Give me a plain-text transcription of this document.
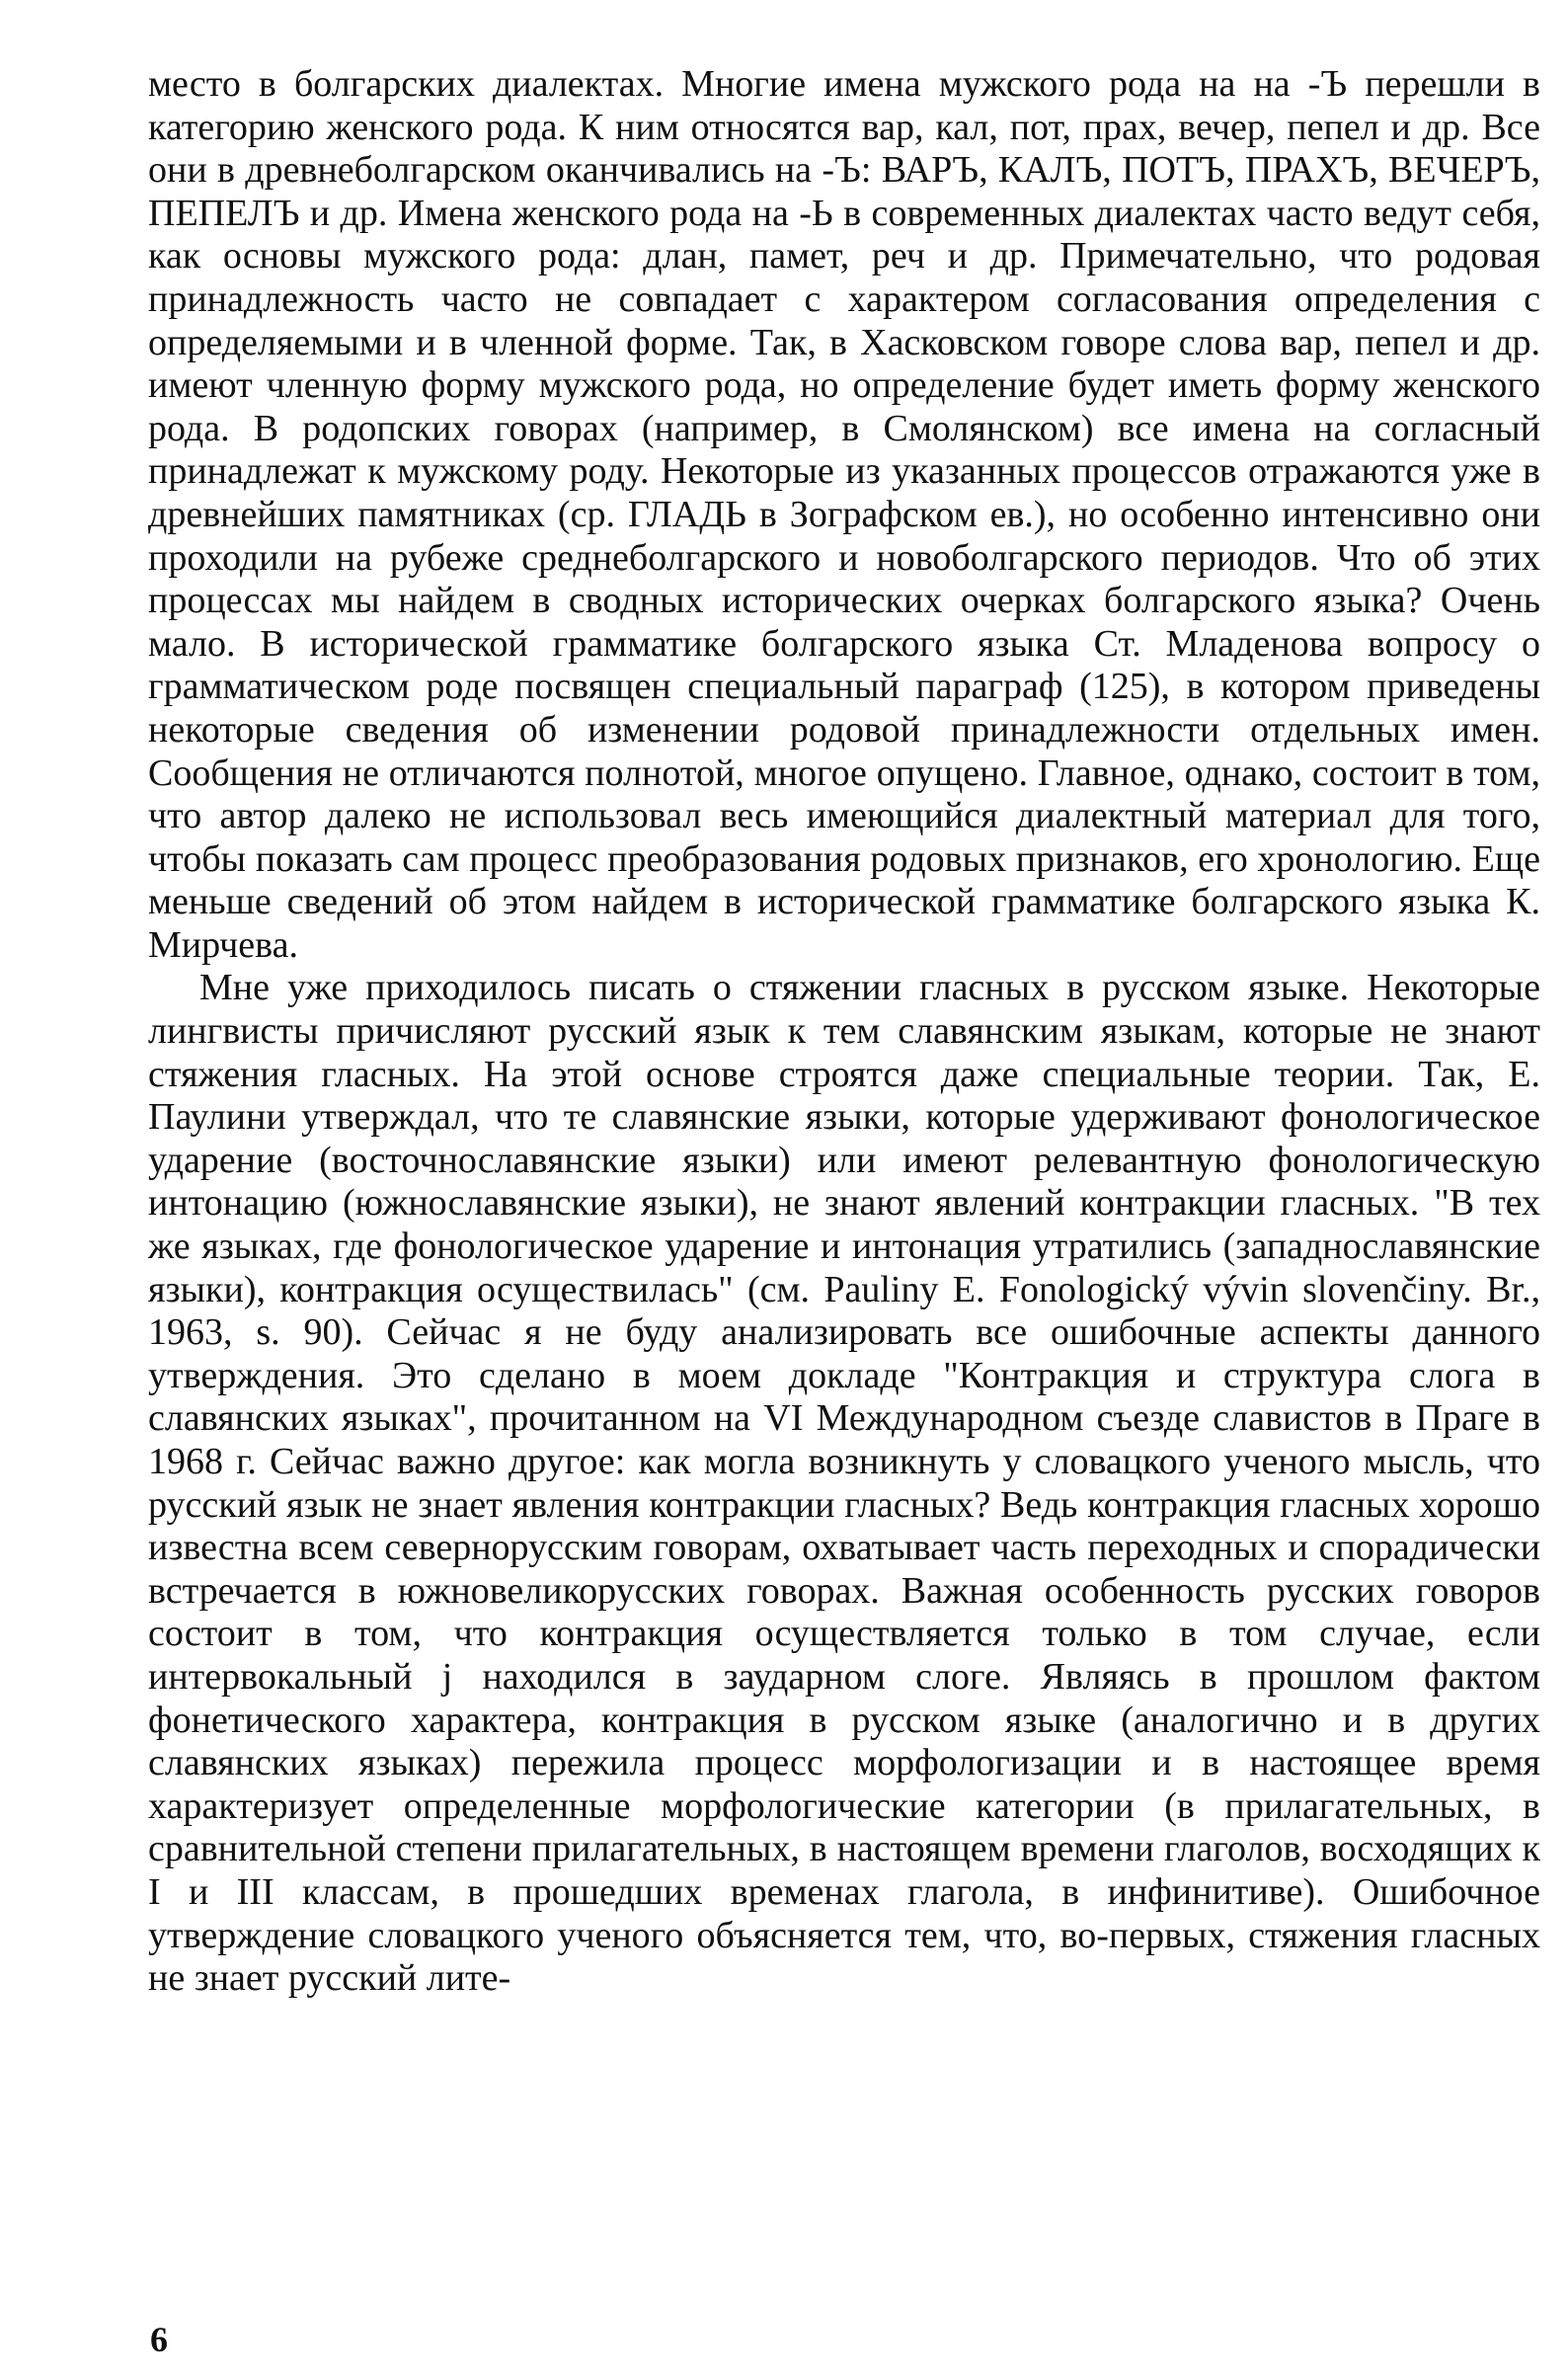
место в болгарских диалектах. Многие имена мужского рода на на -Ъ перешли в категорию женского рода. К ним относятся вар, кал, пот, прах, вечер, пепел и др. Все они в древнеболгарском оканчивались на -Ъ: ВАРЪ, КАЛЪ, ПОТЪ, ПРАХЪ, ВЕЧЕРЪ, ПЕПЕЛЪ и др. Имена женского рода на -Ь в современных диалектах часто ведут себя, как основы мужского рода: длан, памет, реч и др. Примечательно, что родовая принадлежность часто не совпадает с характером согласования определения с определяемыми и в членной форме. Так, в Хасковском говоре слова вар, пепел и др. имеют членную форму мужского рода, но определение будет иметь форму женского рода. В родопских говорах (например, в Смолянском) все имена на согласный принадлежат к мужскому роду. Некоторые из указанных процессов отражаются уже в древнейших памятниках (ср. ГЛАДЬ в Зографском ев.), но особенно интенсивно они проходили на рубеже среднеболгарского и новоболгарского периодов. Что об этих процессах мы найдем в сводных исторических очерках болгарского языка? Очень мало. В исторической грамматике болгарского языка Ст. Младенова вопросу о грамматическом роде посвящен специальный параграф (125), в котором приведены некоторые сведения об изменении родовой принадлежности отдельных имен. Сообщения не отличаются полнотой, многое опущено. Главное, однако, состоит в том, что автор далеко не использовал весь имеющийся диалектный материал для того, чтобы показать сам процесс преобразования родовых признаков, его хронологию. Еще меньше сведений об этом найдем в исторической грамматике болгарского языка К. Мирчева.

Мне уже приходилось писать о стяжении гласных в русском языке. Некоторые лингвисты причисляют русский язык к тем славянским языкам, которые не знают стяжения гласных. На этой основе строятся даже специальные теории. Так, Е. Паулини утверждал, что те славянские языки, которые удерживают фонологическое ударение (восточнославянские языки) или имеют релевантную фонологическую интонацию (южнославянские языки), не знают явлений контракции гласных. "В тех же языках, где фонологическое ударение и интонация утратились (западнославянские языки), контракция осуществилась" (см. Pauliny E. Fonologický vývin slovenčiny. Br., 1963, s. 90). Сейчас я не буду анализировать все ошибочные аспекты данного утверждения. Это сделано в моем докладе "Контракция и структура слога в славянских языках", прочитанном на VI Международном съезде славистов в Праге в 1968 г. Сейчас важно другое: как могла возникнуть у словацкого ученого мысль, что русский язык не знает явления контракции гласных? Ведь контракция гласных хорошо известна всем севернорусским говорам, охватывает часть переходных и спорадически встречается в южновеликорусских говорах. Важная особенность русских говоров состоит в том, что контракция осуществляется только в том случае, если интервокальный j находился в заударном слоге. Являясь в прошлом фактом фонетического характера, контракция в русском языке (аналогично и в других славянских языках) пережила процесс морфологизации и в настоящее время характеризует определенные морфологические категории (в прилагательных, в сравнительной степени прилагательных, в настоящем времени глаголов, восходящих к I и III классам, в прошедших временах глагола, в инфинитиве). Ошибочное утверждение словацкого ученого объясняется тем, что, во-первых, стяжения гласных не знает русский лите-

6
